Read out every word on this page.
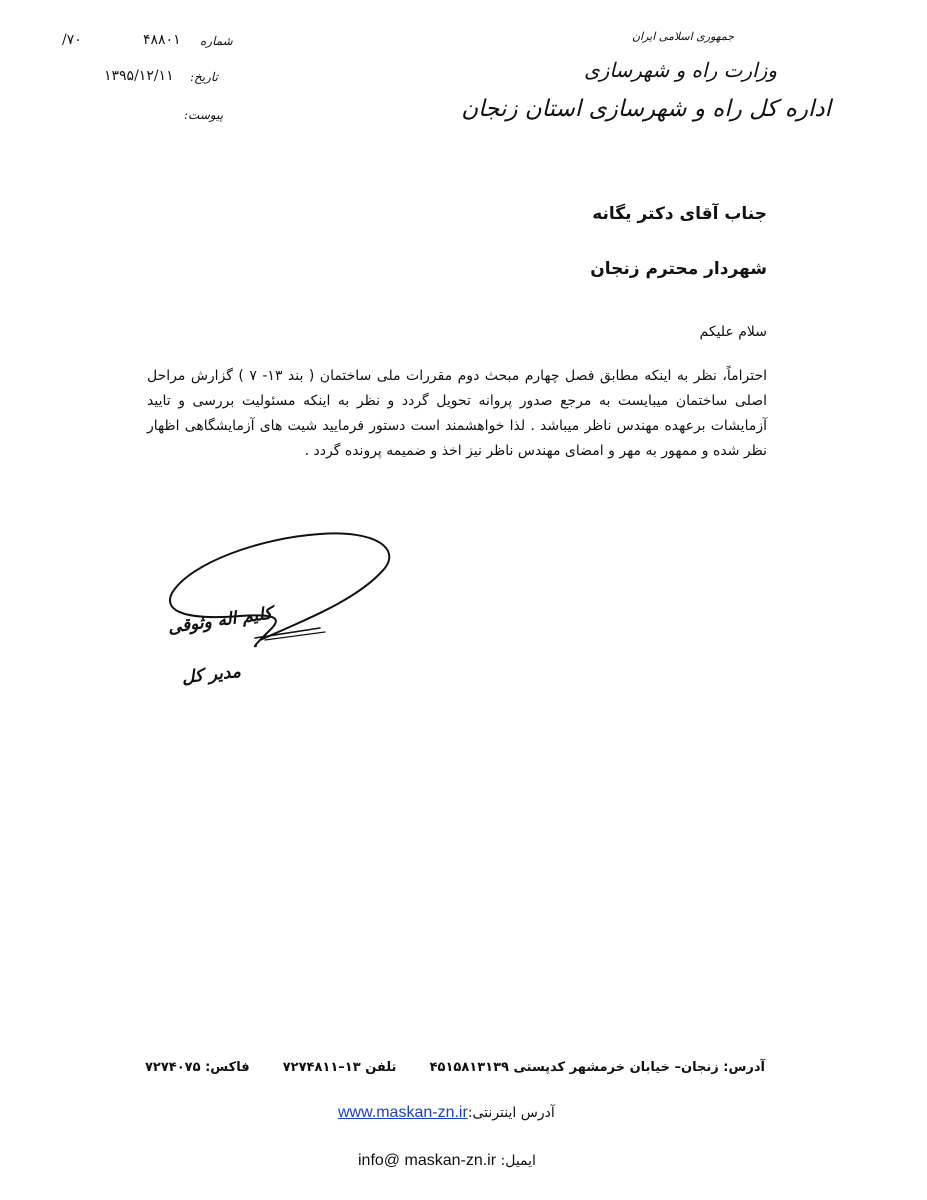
جمهوری اسلامی ایران
وزارت راه و شهرسازی
اداره کل راه و شهرسازی استان زنجان
/۷۰	۴۸۸۰۱ شماره
۱۳۹۵/۱۲/۱۱ تاریخ:
پیوست:
جناب آقای دکتر یگانه
شهردار محترم زنجان
سلام علیکم

احتراماً، نظر به اینکه مطابق فصل چهارم مبحث دوم مقررات ملی ساختمان ( بند ۱۳- ۷ ) گزارش مراحل اصلی ساختمان میبایست به مرجع صدور پروانه تحویل گردد و نظر به اینکه مسئولیت بررسی و تایید آزمایشات برعهده مهندس ناظر میباشد . لذا خواهشمند است دستور فرمایید شیت های آزمایشگاهی اظهار نظر شده و ممهور به مهر و امضای مهندس ناظر نیز اخذ و ضمیمه پرونده گردد .

کلیم اله وثوقی
مدیر کل
فاکس: ۷۲۷۴۰۷۵	تلفن ۱۳–۷۲۷۴۸۱۱	آدرس: زنجان– خیابان خرمشهر کدپستی ۴۵۱۵۸۱۳۱۳۹
www.maskan-zn.irآدرس اینترنتی:
info@ maskan-zn.ir ایمیل:
